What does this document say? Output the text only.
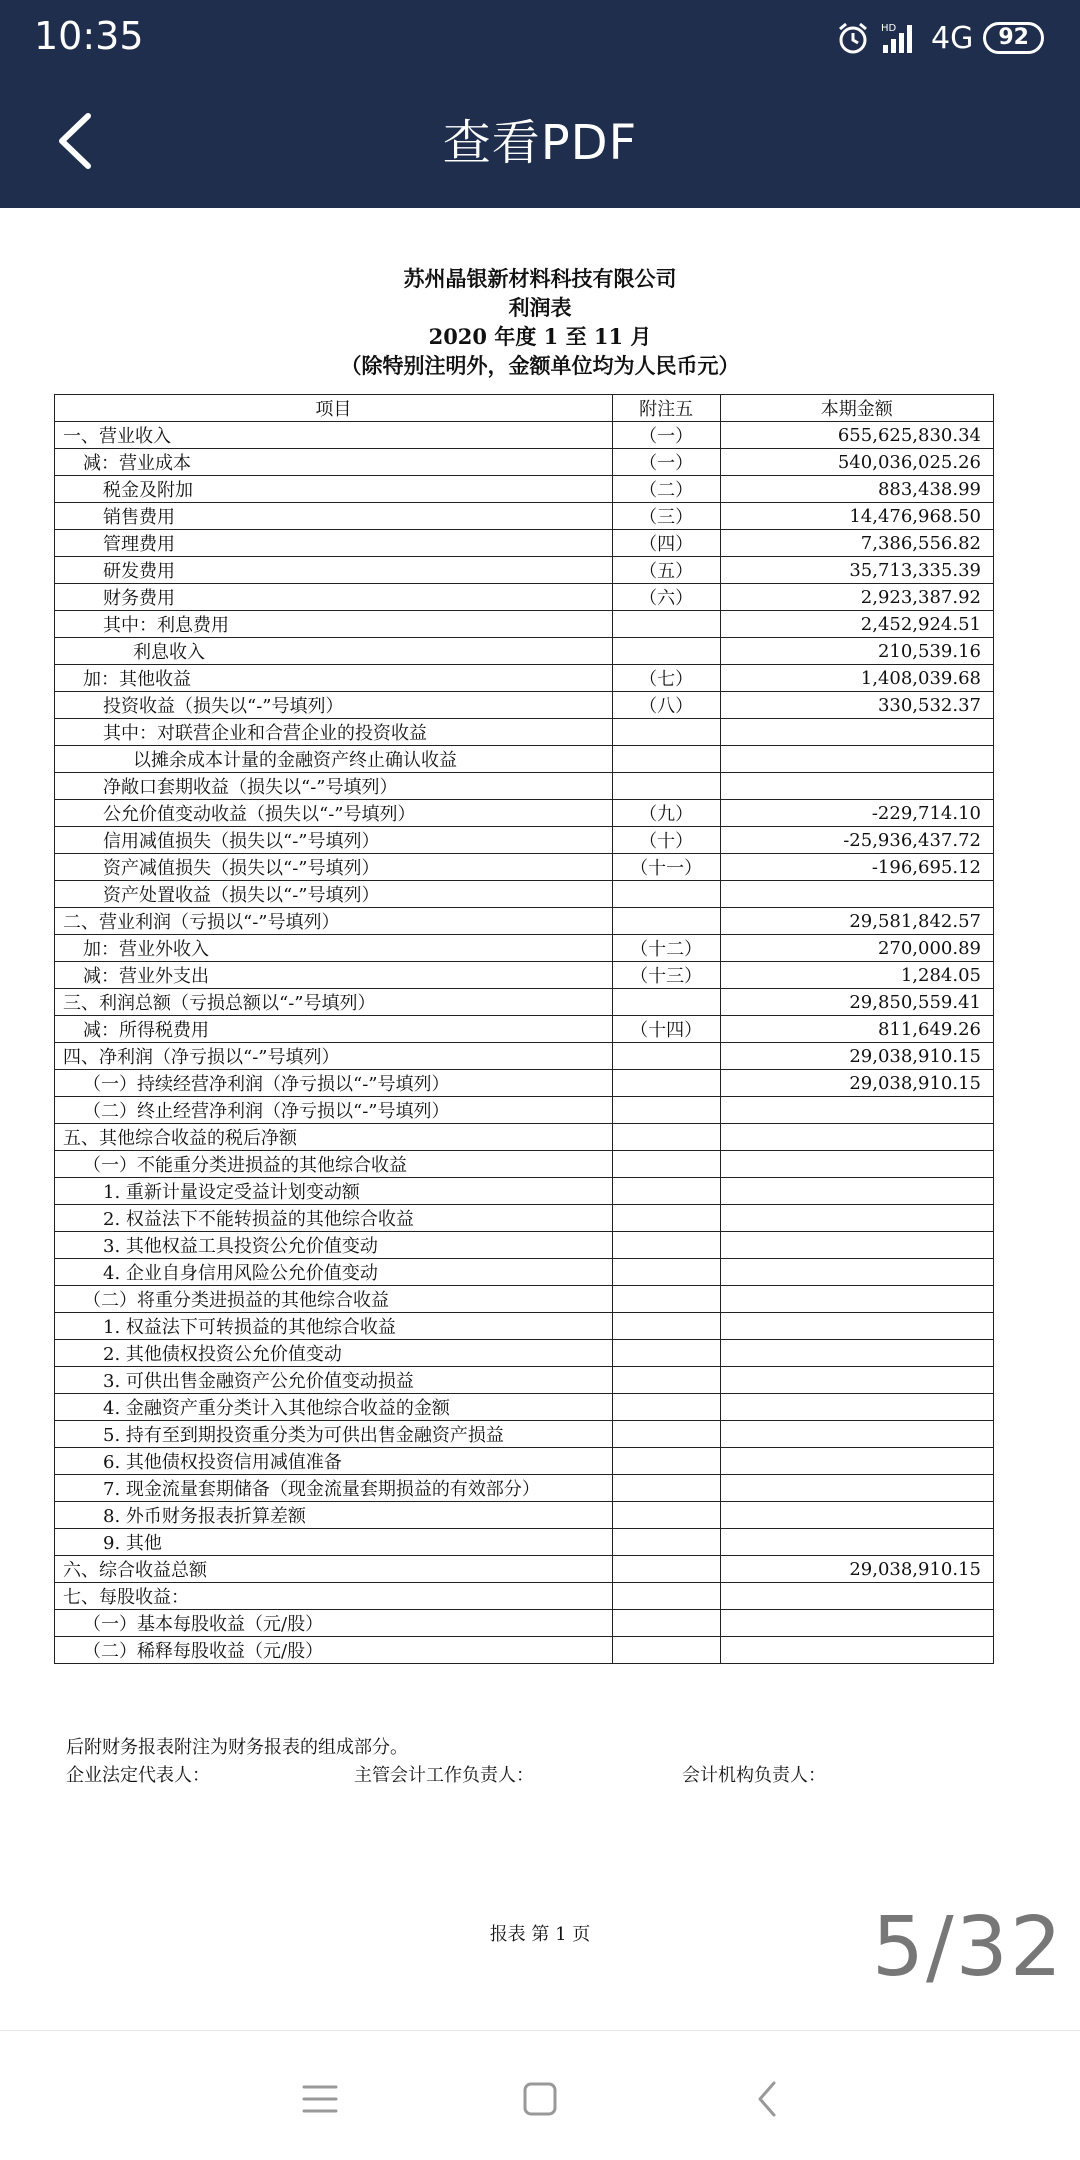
10:35	HD 4G	92
查看PDF
苏州晶银新材料科技有限公司
利润表
2020 年度 1 至 11 月
（除特别注明外，金额单位均为人民币元）
项目	附注五	本期金额
一、营业收入	（一）	655,625,830.34
减：营业成本	（一）	540,036,025.26
税金及附加	（二）	883,438.99
销售费用	（三）	14,476,968.50
管理费用	（四）	7,386,556.82
研发费用	（五）	35,713,335.39
财务费用	（六）	2,923,387.92
其中：利息费用		2,452,924.51
利息收入		210,539.16
加：其他收益	（七）	1,408,039.68
投资收益（损失以“-”号填列）	（八）	330,532.37
其中：对联营企业和合营企业的投资收益		
以摊余成本计量的金融资产终止确认收益		
净敞口套期收益（损失以“-”号填列）		
公允价值变动收益（损失以“-”号填列）	（九）	-229,714.10
信用减值损失（损失以“-”号填列）	（十）	-25,936,437.72
资产减值损失（损失以“-”号填列）	（十一）	-196,695.12
资产处置收益（损失以“-”号填列）		
二、营业利润（亏损以“-”号填列）		29,581,842.57
加：营业外收入	（十二）	270,000.89
减：营业外支出	（十三）	1,284.05
三、利润总额（亏损总额以“-”号填列）		29,850,559.41
减：所得税费用	（十四）	811,649.26
四、净利润（净亏损以“-”号填列）		29,038,910.15
（一）持续经营净利润（净亏损以“-”号填列）		29,038,910.15
（二）终止经营净利润（净亏损以“-”号填列）		
五、其他综合收益的税后净额		
（一）不能重分类进损益的其他综合收益		
1. 重新计量设定受益计划变动额		
2. 权益法下不能转损益的其他综合收益		
3. 其他权益工具投资公允价值变动		
4. 企业自身信用风险公允价值变动		
（二）将重分类进损益的其他综合收益		
1. 权益法下可转损益的其他综合收益		
2. 其他债权投资公允价值变动		
3. 可供出售金融资产公允价值变动损益		
4. 金融资产重分类计入其他综合收益的金额		
5. 持有至到期投资重分类为可供出售金融资产损益		
6. 其他债权投资信用减值准备		
7. 现金流量套期储备（现金流量套期损益的有效部分）		
8. 外币财务报表折算差额		
9. 其他		
六、综合收益总额		29,038,910.15
七、每股收益：		
（一）基本每股收益（元/股）		
（二）稀释每股收益（元/股）		
后附财务报表附注为财务报表的组成部分。
企业法定代表人：	主管会计工作负责人：	会计机构负责人：
报表 第 1 页	5/32
